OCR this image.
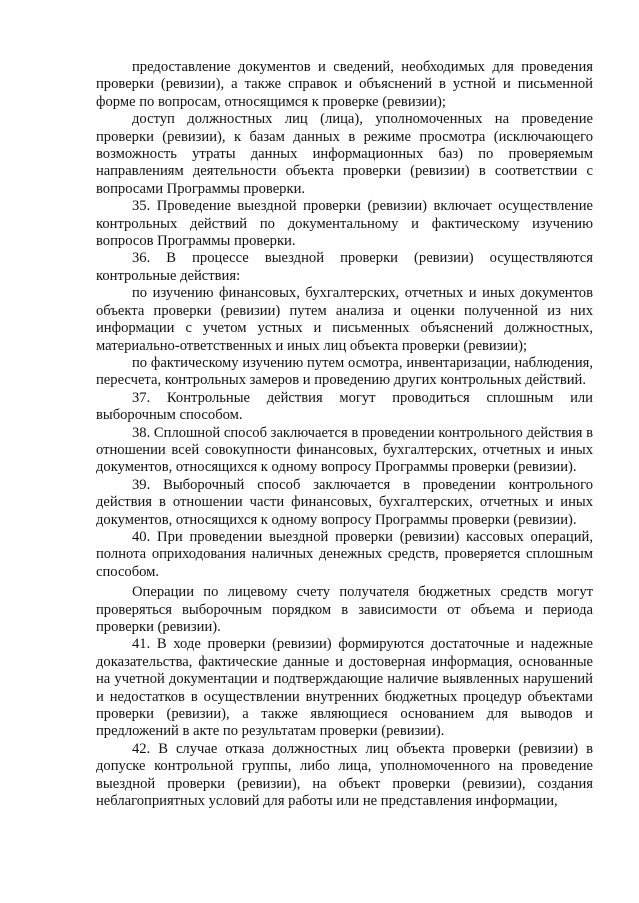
предоставление документов и сведений, необходимых для проведения проверки (ревизии), а также справок и объяснений в устной и письменной форме по вопросам, относящимся к проверке (ревизии);

доступ должностных лиц (лица), уполномоченных на проведение проверки (ревизии), к базам данных в режиме просмотра (исключающего возможность утраты данных информационных баз) по проверяемым направлениям деятельности объекта проверки (ревизии) в соответствии с вопросами Программы проверки.

35. Проведение выездной проверки (ревизии) включает осуществление контрольных действий по документальному и фактическому изучению вопросов Программы проверки.

36. В процессе выездной проверки (ревизии) осуществляются контрольные действия:

по изучению финансовых, бухгалтерских, отчетных и иных документов объекта проверки (ревизии) путем анализа и оценки полученной из них информации с учетом устных и письменных объяснений должностных, материально-ответственных и иных лиц объекта проверки (ревизии);

по фактическому изучению путем осмотра, инвентаризации, наблюдения, пересчета, контрольных замеров и проведению других контрольных действий.

37. Контрольные действия могут проводиться сплошным или выборочным способом.

38. Сплошной способ заключается в проведении контрольного действия в отношении всей совокупности финансовых, бухгалтерских, отчетных и иных документов, относящихся к одному вопросу Программы проверки (ревизии).

39. Выборочный способ заключается в проведении контрольного действия в отношении части финансовых, бухгалтерских, отчетных и иных документов, относящихся к одному вопросу Программы проверки (ревизии).

40. При проведении выездной проверки (ревизии) кассовых операций, полнота оприходования наличных денежных средств, проверяется сплошным способом.

Операции по лицевому счету получателя бюджетных средств могут проверяться выборочным порядком в зависимости от объема и периода проверки (ревизии).

41. В ходе проверки (ревизии) формируются достаточные и надежные доказательства, фактические данные и достоверная информация, основанные на учетной документации и подтверждающие наличие выявленных нарушений и недостатков в осуществлении внутренних бюджетных процедур объектами проверки (ревизии), а также являющиеся основанием для выводов и предложений в акте по результатам проверки (ревизии).

42. В случае отказа должностных лиц объекта проверки (ревизии) в допуске контрольной группы, либо лица, уполномоченного на проведение выездной проверки (ревизии), на объект проверки (ревизии), создания неблагоприятных условий для работы или не представления информации,
